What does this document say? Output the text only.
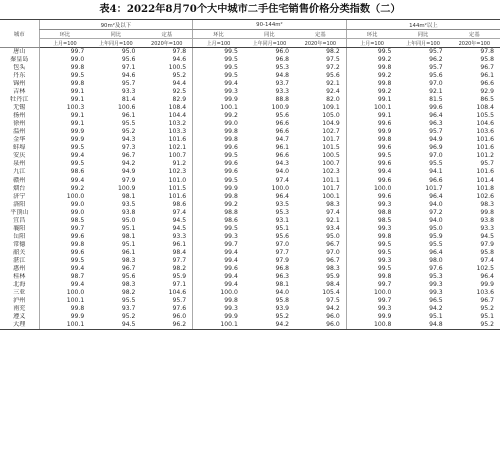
表4：2022年8月70个大中城市二手住宅销售价格分类指数（二）
城市	90m²及以下			90-144m²			144m²以上		
	环比	同比	定基	环比	同比	定基	环比	同比	定基
	上月=100	上年同月=100	2020年=100	上月=100	上年同月=100	2020年=100	上月=100	上年同月=100	2020年=100
唐山	99.7	95.0	97.8	99.5	96.0	98.2	99.5	95.7	97.8
秦皇岛	99.0	95.6	94.6	99.5	96.8	97.5	99.2	96.2	95.8
包头	99.8	97.1	100.5	99.5	95.3	97.2	99.8	95.7	96.7
丹东	99.5	94.6	95.2	99.5	94.8	95.6	99.2	95.6	96.1
锦州	99.8	95.7	94.4	99.4	93.7	92.1	99.8	97.0	96.6
吉林	99.1	93.3	92.5	99.3	93.3	92.4	99.2	92.1	92.9
牡丹江	99.1	81.4	82.9	99.9	88.8	82.0	99.1	81.5	86.5
无锡	100.3	100.6	108.4	100.1	100.9	109.1	100.1	99.6	108.4
扬州	99.1	96.1	104.4	99.2	95.6	105.0	99.1	96.4	105.5
徐州	99.1	95.5	103.2	99.0	96.6	104.9	99.6	96.3	104.6
温州	99.9	95.2	103.3	99.8	96.6	102.7	99.9	95.7	103.6
金华	99.9	94.3	101.6	99.8	94.7	101.7	99.8	94.9	101.6
蚌埠	99.5	97.3	102.1	99.6	96.1	101.5	99.6	96.9	101.6
安庆	99.4	96.7	100.7	99.5	96.6	100.5	99.5	97.0	101.2
泉州	99.5	94.2	91.2	99.6	94.3	100.7	99.6	95.5	95.7
九江	98.6	94.9	102.3	99.6	94.0	102.3	99.4	94.1	101.6
赣州	99.4	97.9	101.0	99.5	97.4	101.1	99.6	96.6	101.4
烟台	99.2	100.9	101.5	99.9	100.0	101.7	100.0	101.7	101.8
济宁	100.0	98.1	101.6	99.8	96.4	100.1	99.6	96.4	102.6
洛阳	99.0	93.5	98.6	99.2	93.5	98.3	99.3	94.0	98.3
平顶山	99.0	93.8	97.4	98.8	95.3	97.4	98.8	97.2	99.8
宜昌	98.5	95.0	94.5	98.6	93.1	92.1	98.5	94.0	93.8
襄阳	99.7	95.1	94.5	99.5	95.1	93.4	99.3	95.0	93.3
岳阳	99.6	98.1	93.3	99.3	95.6	95.0	99.8	95.9	94.5
常德	99.8	95.1	96.1	99.7	97.0	96.7	99.5	95.5	97.9
韶关	99.6	96.1	98.4	99.4	97.7	97.0	99.5	96.4	95.8
湛江	99.5	98.3	97.7	99.4	97.9	96.7	99.3	98.0	97.4
惠州	99.4	96.7	98.2	99.6	96.8	98.3	99.5	97.6	102.5
桂林	98.7	95.6	95.9	99.4	96.3	95.9	99.8	95.3	96.4
北海	99.4	98.3	97.1	99.4	98.1	98.4	99.7	99.3	99.9
三亚	100.0	98.2	104.6	100.0	94.0	105.4	100.0	99.3	103.6
泸州	100.1	95.5	95.7	99.8	95.8	97.5	99.7	96.5	96.7
南充	99.8	93.7	97.6	99.3	93.9	94.2	99.3	94.2	95.2
遵义	99.9	95.2	96.0	99.9	95.2	96.0	99.9	95.1	95.1
大理	100.1	94.5	96.2	100.1	94.2	96.0	100.8	94.8	95.2
